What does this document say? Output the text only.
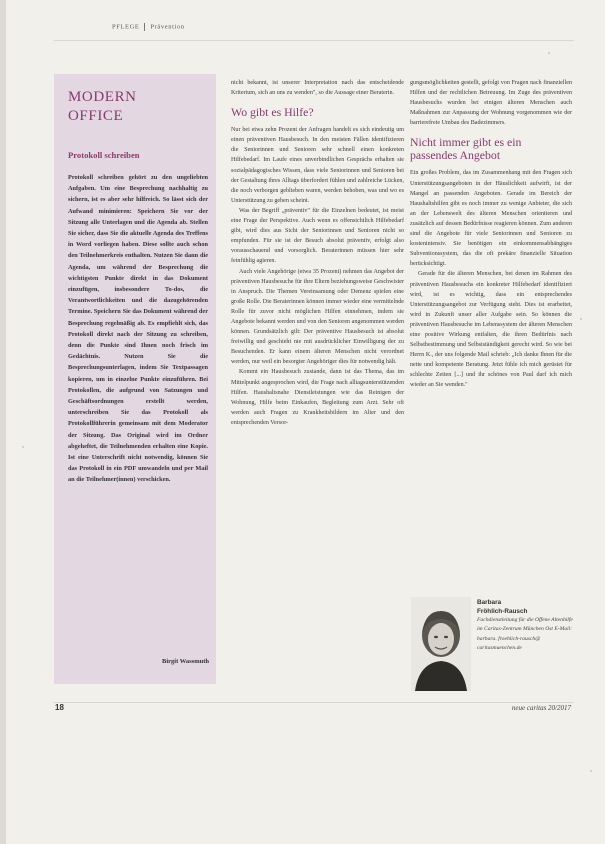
PFLEGE Prävention
MODERN
OFFICE
Protokoll schreiben
Protokoll schreiben gehört zu den ungeliebten Aufgaben. Um eine Besprechung nachhaltig zu sichern, ist es aber sehr hilfreich. So lässt sich der Aufwand minimieren: Speichern Sie vor der Sitzung alle Unterlagen und die Agenda ab. Stellen Sie sicher, dass Sie die aktuelle Agenda des Treffens in Word vorliegen haben. Diese sollte auch schon den Teilnehmerkreis enthalten. Nutzen Sie dann die Agenda, um während der Besprechung die wichtigsten Punkte direkt in das Dokument einzufügen, insbesondere To-dos, die Verantwortlichkeiten und die dazugehörenden Termine. Speichern Sie das Dokument während der Besprechung regelmäßig ab. Es empfiehlt sich, das Protokoll direkt nach der Sitzung zu schreiben, denn die Punkte sind Ihnen noch frisch im Gedächtnis. Nutzen Sie die Besprechungsunterlagen, indem Sie Textpassagen kopieren, um in einzelne Punkte einzuführen. Bei Protokollen, die aufgrund von Satzungen und Geschäftsordnungen erstellt werden, unterschreiben Sie das Protokoll als Protokollführerin gemeinsam mit dem Moderator der Sitzung. Das Original wird im Ordner abgeheftet, die Teilnehmenden erhalten eine Kopie. Ist eine Unterschrift nicht notwendig, können Sie das Protokoll in ein PDF umwandeln und per Mail an die Teilnehmer(innen) verschicken.
Birgit Wassmuth

nicht bekannt, ist unserer Interpretation nach das entscheidende Kriterium, sich an uns zu wenden", so die Aussage einer Beraterin.

Wo gibt es Hilfe?

Nur bei etwa zehn Prozent der Anfragen handelt es sich eindeutig um einen präventiven Hausbesuch. In den meisten Fällen identifizieren die Seniorinnen und Senioren sehr schnell einen konkreten Hilfebedarf. Im Laufe eines unverbindlichen Gesprächs erhalten sie sozialpädagogisches Wissen, dass viele Seniorinnen und Senioren bei der Gestaltung ihres Alltags überfordert fühlen und zahlreiche Lücken, die noch verborgen geblieben waren, werden behoben, was und wo es Unterstützung zu geben scheint.

Was der Begriff „präventiv" für die Einzelnen bedeutet, ist meist eine Frage der Perspektive. Auch wenn es offensichtlich Hilfebedarf gibt, wird dies aus Sicht der Seniorinnen und Senioren nicht so empfunden. Für sie ist der Besuch absolut präventiv, erfolgt also vorausschauend und vorsorglich. Beraterinnen müssen hier sehr feinfühlig agieren.

Auch viele Angehörige (etwa 35 Prozent) nehmen das Angebot der präventiven Hausbesuche für ihre Eltern beziehungsweise Geschwister in Anspruch. Die Themen Vereinsamung oder Demenz spielen eine große Rolle. Die Beraterinnen können immer wieder eine vermittelnde Rolle für zuvor nicht möglichen Hilfen einnehmen, indem sie Angebote bekannt werden und von den Senioren angenommen werden können. Grundsätzlich gilt: Der präventive Hausbesuch ist absolut freiwillig und geschieht nie mit ausdrücklicher Einwilligung der zu Besuchenden. Er kann einem älteren Menschen nicht verordnet werden, nur weil ein besorgter Angehöriger dies für notwendig hält.

Kommt ein Hausbesuch zustande, dann ist das Thema, das im Mittelpunkt angesprochen wird, die Frage nach alltagsunterstützenden Hilfen. Haushaltsnahe Dienstleistungen wie das Reinigen der Wohnung, Hilfe beim Einkaufen, Begleitung zum Arzt. Sehr oft werden auch Fragen zu Krankheitsbildern im Alter und den entsprechenden Versor-

gungsmöglichkeiten gestellt, gefolgt von Fragen nach finanziellen Hilfen und der rechtlichen Betreuung. Im Zuge des präventiven Hausbesuchs wurden bei einigen älteren Menschen auch Maßnahmen zur Anpassung der Wohnung vorgenommen wie der barrierefreie Umbau des Badezimmers.

Nicht immer gibt es ein
passendes Angebot

Ein großes Problem, das im Zusammenhang mit den Fragen sich Unterstützungsangeboten in der Häuslichkeit aufwirft, ist der Mangel an passenden Angeboten. Gerade im Bereich der Haushaltshilfen gibt es noch immer zu wenige Anbieter, die sich an der Lebenswelt des älteren Menschen orientieren und zusätzlich auf dessen Bedürfnisse reagieren können. Zum anderen sind die Angebote für viele Seniorinnen und Senioren zu kostenintensiv. Sie benötigen ein einkommensabhängiges Subventionssystem, das die oft prekäre finanzielle Situation berücksichtigt.

Gerade für die älteren Menschen, bei denen im Rahmen des präventiven Hausbesuchs ein konkreter Hilfebedarf identifiziert wird, ist es wichtig, dass ein entsprechendes Unterstützungsangebot zur Verfügung steht. Dies ist erarbeitet, wird in Zukunft unser aller Aufgabe sein. So können die präventiven Hausbesuche im Lebenssystem der älteren Menschen eine positive Wirkung entfalten, die ihren Bedürfnis nach Selbstbestimmung und Selbstständigkeit gerecht wird. So wie bei Herrn K., der uns folgende Mail schrieb: „Ich danke Ihnen für die nette und kompetente Beratung. Jetzt fühle ich mich gerüstet für schlechte Zeiten [...] und ihr schönes von Paul darf ich mich wieder an Sie wenden."

Barbara
Fröhlich-Rausch
Fachdienstleitung für die Offene Altenhilfe im Caritas-Zentrum München Ost E-Mail: barbara. froehlich-rausch@ caritasmuenchen.de
18	neue caritas 20/2017
